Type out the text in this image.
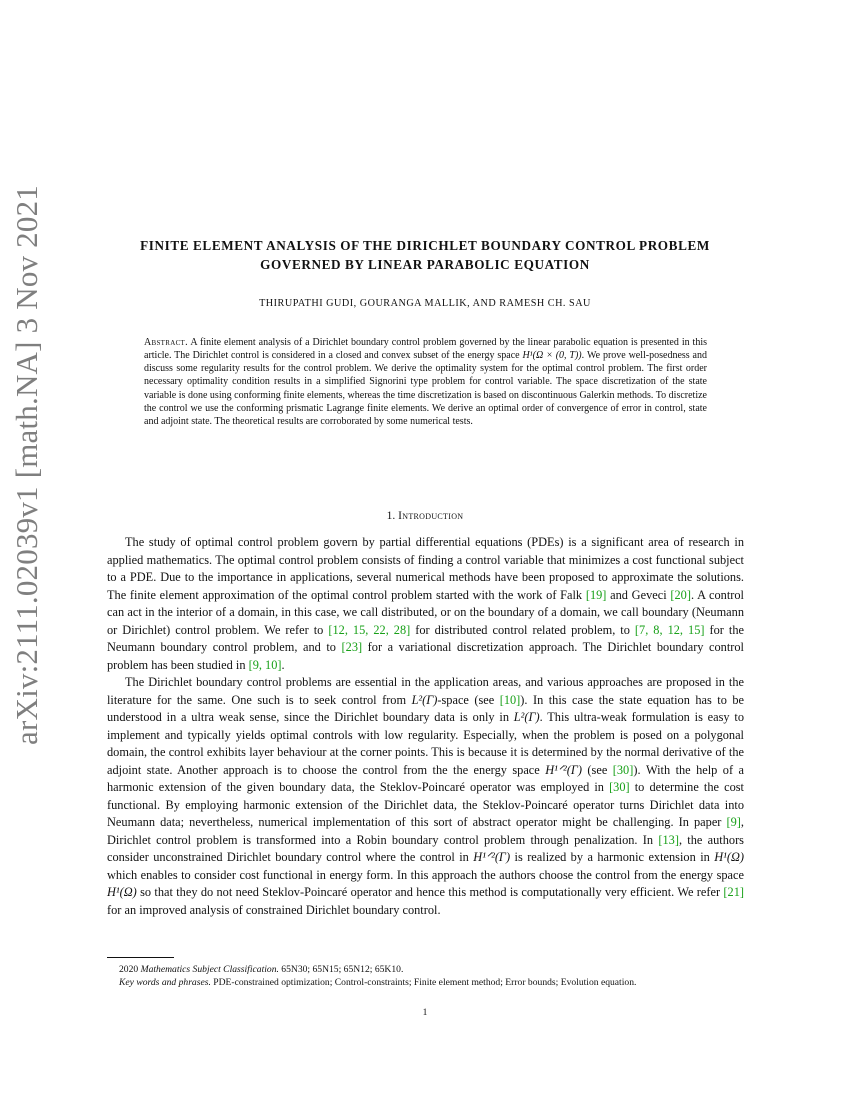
arXiv:2111.02039v1 [math.NA] 3 Nov 2021	FINITE ELEMENT ANALYSIS OF THE DIRICHLET BOUNDARY CONTROL PROBLEM GOVERNED BY LINEAR PARABOLIC EQUATION
THIRUPATHI GUDI, GOURANGA MALLIK, AND RAMESH CH. SAU
Abstract. A finite element analysis of a Dirichlet boundary control problem governed by the linear parabolic equation is presented in this article. The Dirichlet control is considered in a closed and convex subset of the energy space H¹(Ω × (0, T)). We prove well-posedness and discuss some regularity results for the control problem. We derive the optimality system for the optimal control problem. The first order necessary optimality condition results in a simplified Signorini type problem for control variable. The space discretization of the state variable is done using conforming finite elements, whereas the time discretization is based on discontinuous Galerkin methods. To discretize the control we use the conforming prismatic Lagrange finite elements. We derive an optimal order of convergence of error in control, state and adjoint state. The theoretical results are corroborated by some numerical tests.
1. Introduction

The study of optimal control problem govern by partial differential equations (PDEs) is a significant area of research in applied mathematics. The optimal control problem consists of finding a control variable that minimizes a cost functional subject to a PDE. Due to the importance in applications, several numerical methods have been proposed to approximate the solutions. The finite element approximation of the optimal control problem started with the work of Falk [19] and Geveci [20]. A control can act in the interior of a domain, in this case, we call distributed, or on the boundary of a domain, we call boundary (Neumann or Dirichlet) control problem. We refer to [12, 15, 22, 28] for distributed control related problem, to [7, 8, 12, 15] for the Neumann boundary control problem, and to [23] for a variational discretization approach. The Dirichlet boundary control problem has been studied in [9, 10].

The Dirichlet boundary control problems are essential in the application areas, and various approaches are proposed in the literature for the same. One such is to seek control from L²(Γ)-space (see [10]). In this case the state equation has to be understood in a ultra weak sense, since the Dirichlet boundary data is only in L²(Γ). This ultra-weak formulation is easy to implement and typically yields optimal controls with low regularity. Especially, when the problem is posed on a polygonal domain, the control exhibits layer behaviour at the corner points. This is because it is determined by the normal derivative of the adjoint state. Another approach is to choose the control from the the energy space H¹ᐟ²(Γ) (see [30]). With the help of a harmonic extension of the given boundary data, the Steklov-Poincaré operator was employed in [30] to determine the cost functional. By employing harmonic extension of the Dirichlet data, the Steklov-Poincaré operator turns Dirichlet data into Neumann data; nevertheless, numerical implementation of this sort of abstract operator might be challenging. In paper [9], Dirichlet control problem is transformed into a Robin boundary control problem through penalization. In [13], the authors consider unconstrained Dirichlet boundary control where the control in H¹ᐟ²(Γ) is realized by a harmonic extension in H¹(Ω) which enables to consider cost functional in energy form. In this approach the authors choose the control from the energy space H¹(Ω) so that they do not need Steklov-Poincaré operator and hence this method is computationally very efficient. We refer [21] for an improved analysis of constrained Dirichlet boundary control.

2020 Mathematics Subject Classification. 65N30; 65N15; 65N12; 65K10.

Key words and phrases. PDE-constrained optimization; Control-constraints; Finite element method; Error bounds; Evolution equation.

1
